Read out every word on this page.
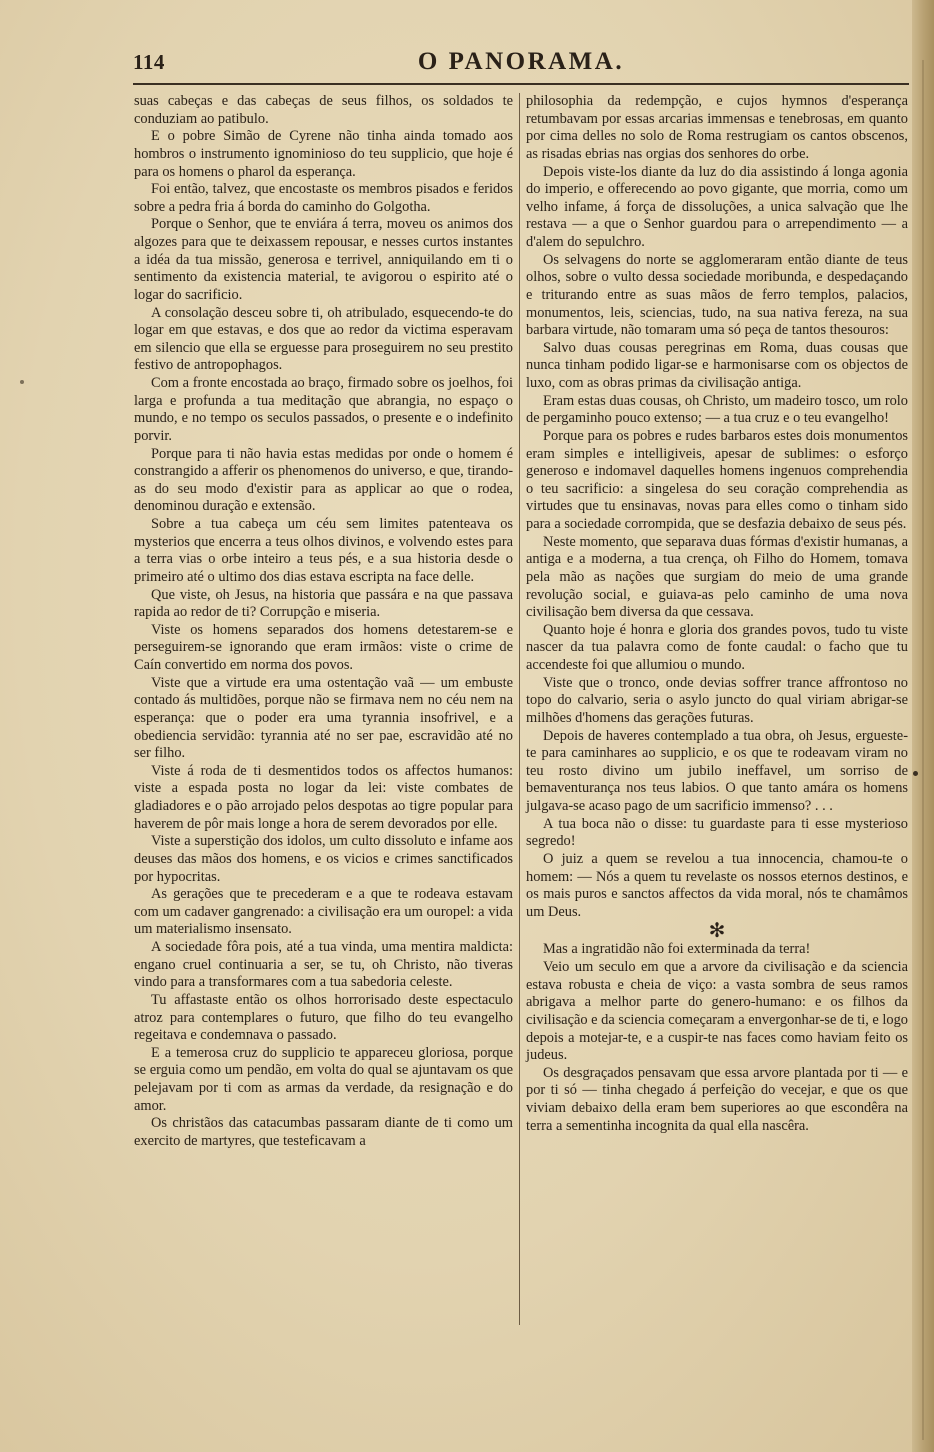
114	O PANORAMA.

suas cabeças e das cabeças de seus filhos, os soldados te conduziam ao patibulo.

E o pobre Simão de Cyrene não tinha ainda tomado aos hombros o instrumento ignominioso do teu supplicio, que hoje é para os homens o pharol da esperança.

Foi então, talvez, que encostaste os membros pisados e feridos sobre a pedra fria á borda do caminho do Golgotha.

Porque o Senhor, que te enviára á terra, moveu os animos dos algozes para que te deixassem repousar, e nesses curtos instantes a idéa da tua missão, generosa e terrivel, anniquilando em ti o sentimento da existencia material, te avigorou o espirito até o logar do sacrificio.

A consolação desceu sobre ti, oh atribulado, esquecendo-te do logar em que estavas, e dos que ao redor da victima esperavam em silencio que ella se erguesse para proseguirem no seu prestito festivo de antropophagos.

Com a fronte encostada ao braço, firmado sobre os joelhos, foi larga e profunda a tua meditação que abrangia, no espaço o mundo, e no tempo os seculos passados, o presente e o indefinito porvir.

Porque para ti não havia estas medidas por onde o homem é constrangido a afferir os phenomenos do universo, e que, tirando-as do seu modo d'existir para as applicar ao que o rodea, denominou duração e extensão.

Sobre a tua cabeça um céu sem limites patenteava os mysterios que encerra a teus olhos divinos, e volvendo estes para a terra vias o orbe inteiro a teus pés, e a sua historia desde o primeiro até o ultimo dos dias estava escripta na face delle.

Que viste, oh Jesus, na historia que passára e na que passava rapida ao redor de ti? Corrupção e miseria.

Viste os homens separados dos homens detestarem-se e perseguirem-se ignorando que eram irmãos: viste o crime de Caín convertido em norma dos povos.

Viste que a virtude era uma ostentação vaã — um embuste contado ás multidões, porque não se firmava nem no céu nem na esperança: que o poder era uma tyrannia insofrivel, e a obediencia servidão: tyrannia até no ser pae, escravidão até no ser filho.

Viste á roda de ti desmentidos todos os affectos humanos: viste a espada posta no logar da lei: viste combates de gladiadores e o pão arrojado pelos despotas ao tigre popular para haverem de pôr mais longe a hora de serem devorados por elle.

Viste a superstição dos idolos, um culto dissoluto e infame aos deuses das mãos dos homens, e os vicios e crimes sanctificados por hypocritas.

As gerações que te precederam e a que te rodeava estavam com um cadaver gangrenado: a civilisação era um ouropel: a vida um materialismo insensato.

A sociedade fôra pois, até a tua vinda, uma mentira maldicta: engano cruel continuaria a ser, se tu, oh Christo, não tiveras vindo para a transformares com a tua sabedoria celeste.

Tu affastaste então os olhos horrorisado deste espectaculo atroz para contemplares o futuro, que filho do teu evangelho regeitava e condemnava o passado.

E a temerosa cruz do supplicio te appareceu gloriosa, porque se erguia como um pendão, em volta do qual se ajuntavam os que pelejavam por ti com as armas da verdade, da resignação e do amor.

Os christãos das catacumbas passaram diante de ti como um exercito de martyres, que testeficavam a

philosophia da redempção, e cujos hymnos d'esperança retumbavam por essas arcarias immensas e tenebrosas, em quanto por cima delles no solo de Roma restrugiam os cantos obscenos, as risadas ebrias nas orgias dos senhores do orbe.

Depois viste-los diante da luz do dia assistindo á longa agonia do imperio, e offerecendo ao povo gigante, que morria, como um velho infame, á força de dissoluções, a unica salvação que lhe restava — a que o Senhor guardou para o arrependimento — a d'alem do sepulchro.

Os selvagens do norte se agglomeraram então diante de teus olhos, sobre o vulto dessa sociedade moribunda, e despedaçando e triturando entre as suas mãos de ferro templos, palacios, monumentos, leis, sciencias, tudo, na sua nativa fereza, na sua barbara virtude, não tomaram uma só peça de tantos thesouros:

Salvo duas cousas peregrinas em Roma, duas cousas que nunca tinham podido ligar-se e harmonisarse com os objectos de luxo, com as obras primas da civilisação antiga.

Eram estas duas cousas, oh Christo, um madeiro tosco, um rolo de pergaminho pouco extenso; — a tua cruz e o teu evangelho!

Porque para os pobres e rudes barbaros estes dois monumentos eram simples e intelligiveis, apesar de sublimes: o esforço generoso e indomavel daquelles homens ingenuos comprehendia o teu sacrificio: a singelesa do seu coração comprehendia as virtudes que tu ensinavas, novas para elles como o tinham sido para a sociedade corrompida, que se desfazia debaixo de seus pés.

Neste momento, que separava duas fórmas d'existir humanas, a antiga e a moderna, a tua crença, oh Filho do Homem, tomava pela mão as nações que surgiam do meio de uma grande revolução social, e guiava-as pelo caminho de uma nova civilisação bem diversa da que cessava.

Quanto hoje é honra e gloria dos grandes povos, tudo tu viste nascer da tua palavra como de fonte caudal: o facho que tu accendeste foi que allumiou o mundo.

Viste que o tronco, onde devias soffrer trance affrontoso no topo do calvario, seria o asylo juncto do qual viriam abrigar-se milhões d'homens das gerações futuras.

Depois de haveres contemplado a tua obra, oh Jesus, ergueste-te para caminhares ao supplicio, e os que te rodeavam viram no teu rosto divino um jubilo ineffavel, um sorriso de bemaventurança nos teus labios. O que tanto amára os homens julgava-se acaso pago de um sacrificio immenso? . . .

A tua boca não o disse: tu guardaste para ti esse mysterioso segredo!

O juiz a quem se revelou a tua innocencia, chamou-te o homem: — Nós a quem tu revelaste os nossos eternos destinos, e os mais puros e sanctos affectos da vida moral, nós te chamâmos um Deus.

✻

Mas a ingratidão não foi exterminada da terra!

Veio um seculo em que a arvore da civilisação e da sciencia estava robusta e cheia de viço: a vasta sombra de seus ramos abrigava a melhor parte do genero-humano: e os filhos da civilisação e da sciencia começaram a envergonhar-se de ti, e logo depois a motejar-te, e a cuspir-te nas faces como haviam feito os judeus.

Os desgraçados pensavam que essa arvore plantada por ti — e por ti só — tinha chegado á perfeição do vecejar, e que os que viviam debaixo della eram bem superiores ao que escondêra na terra a sementinha incognita da qual ella nascêra.
